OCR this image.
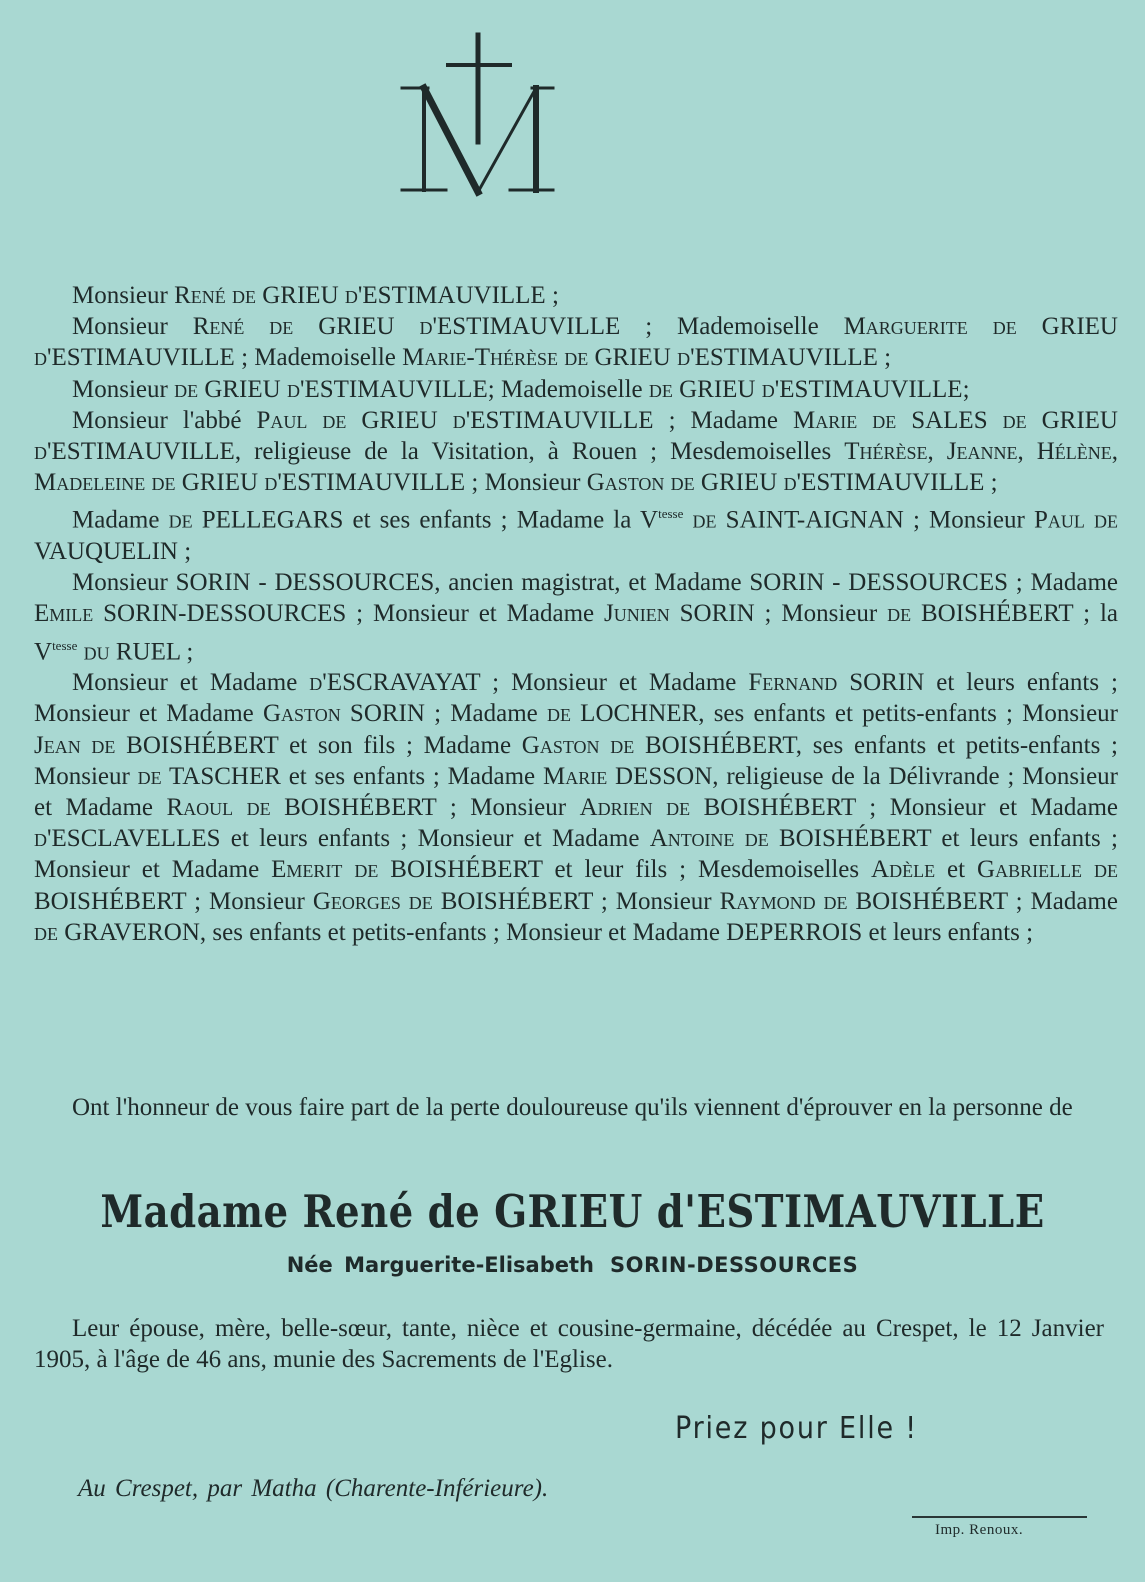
Monsieur René de GRIEU d'ESTIMAUVILLE ;

Monsieur René de GRIEU d'ESTIMAUVILLE ; Mademoiselle Marguerite de GRIEU d'ESTIMAUVILLE ; Mademoiselle Marie-Thérèse de GRIEU d'ESTIMAUVILLE ;

Monsieur de GRIEU d'ESTIMAUVILLE; Mademoiselle de GRIEU d'ESTIMAUVILLE;

Monsieur l'abbé Paul de GRIEU d'ESTIMAUVILLE ; Madame Marie de SALES de GRIEU d'ESTIMAUVILLE, religieuse de la Visitation, à Rouen ; Mesdemoiselles Thérèse, Jeanne, Hélène, Madeleine de GRIEU d'ESTIMAUVILLE ; Monsieur Gaston de GRIEU d'ESTIMAUVILLE ;

Madame de PELLEGARS et ses enfants ; Madame la $V^{tesse}$ de SAINT-AIGNAN ; Monsieur Paul de VAUQUELIN ;

Monsieur SORIN - DESSOURCES, ancien magistrat, et Madame SORIN - DESSOURCES ; Madame Emile SORIN-DESSOURCES ; Monsieur et Madame Junien SORIN ; Monsieur de BOISHÉBERT ; la $V^{tesse}$ du RUEL ;

Monsieur et Madame d'ESCRAVAYAT ; Monsieur et Madame Fernand SORIN et leurs enfants ; Monsieur et Madame Gaston SORIN ; Madame de LOCHNER, ses enfants et petits-enfants ; Monsieur Jean de BOISHÉBERT et son fils ; Madame Gaston de BOISHÉBERT, ses enfants et petits-enfants ; Monsieur de TASCHER et ses enfants ; Madame Marie DESSON, religieuse de la Délivrande ; Monsieur et Madame Raoul de BOISHÉBERT ; Monsieur Adrien de BOISHÉBERT ; Monsieur et Madame d'ESCLAVELLES et leurs enfants ; Monsieur et Madame Antoine de BOISHÉBERT et leurs enfants ; Monsieur et Madame Emerit de BOISHÉBERT et leur fils ; Mesdemoiselles Adèle et Gabrielle de BOISHÉBERT ; Monsieur Georges de BOISHÉBERT ; Monsieur Raymond de BOISHÉBERT ; Madame de GRAVERON, ses enfants et petits-enfants ; Monsieur et Madame DEPERROIS et leurs enfants ;

Ont l'honneur de vous faire part de la perte douloureuse qu'ils viennent d'éprouver en la personne de

Madame René de GRIEU d'ESTIMAUVILLE
Née Marguerite-Elisabeth SORIN-DESSOURCES

Leur épouse, mère, belle-sœur, tante, nièce et cousine-germaine, décédée au Crespet, le 12 Janvier 1905, à l'âge de 46 ans, munie des Sacrements de l'Eglise.

Priez pour Elle !
Au Crespet, par Matha (Charente-Inférieure).
Imp. Renoux.
